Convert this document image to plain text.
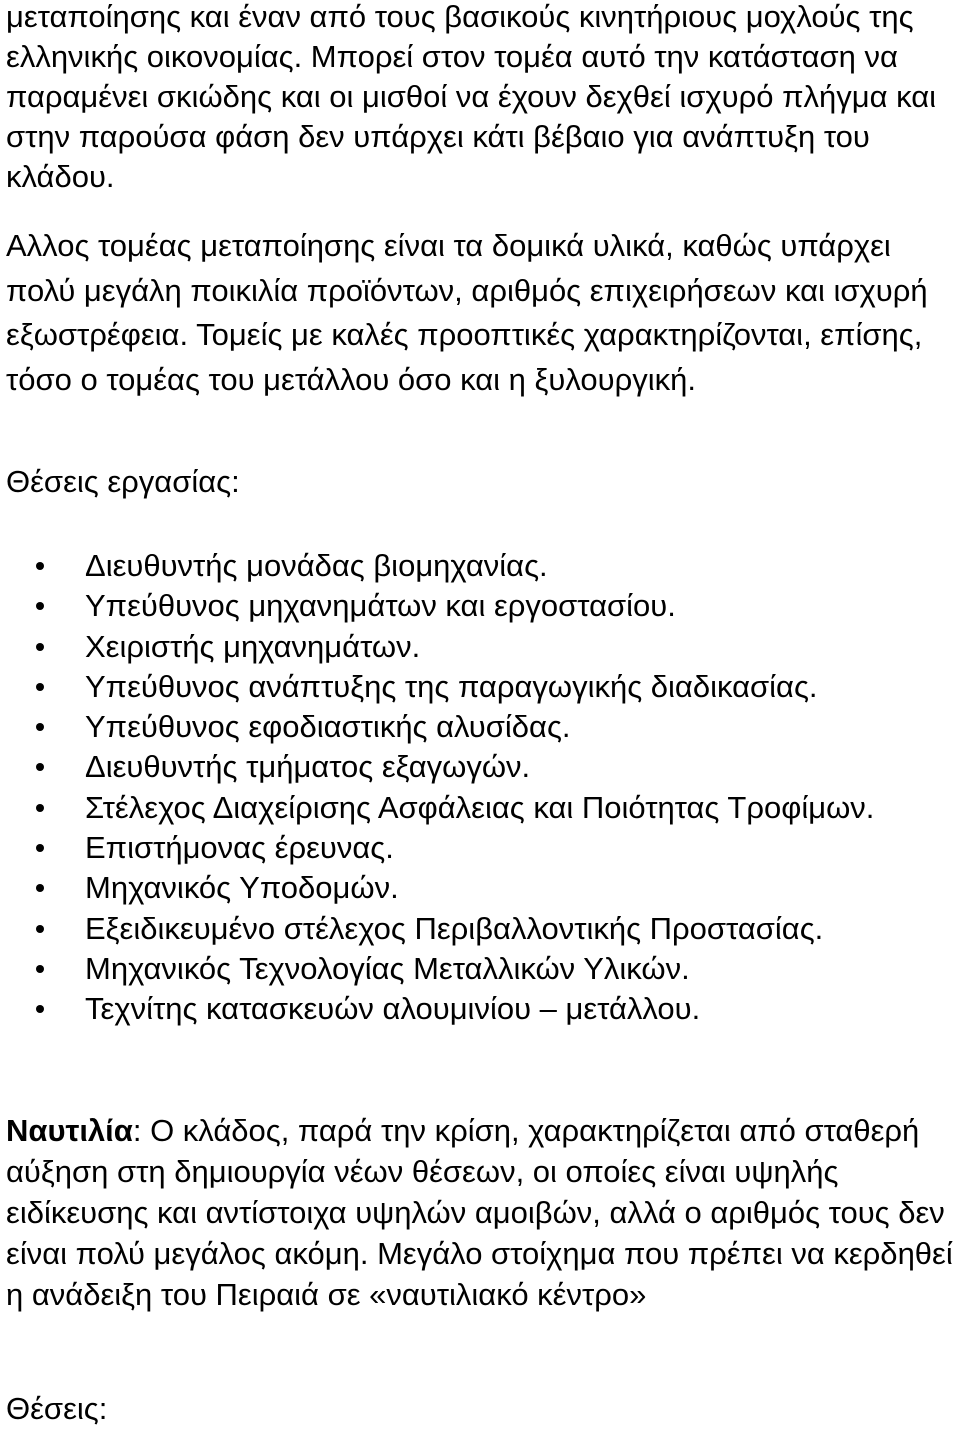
μεταποίησης και έναν από τους βασικούς κινητήριους μοχλούς της ελληνικής οικονομίας. Μπορεί στον τομέα αυτό την κατάσταση να παραμένει σκιώδης και οι μισθοί να έχουν δεχθεί ισχυρό πλήγμα και στην παρούσα φάση δεν υπάρχει κάτι βέβαιο για ανάπτυξη του κλάδου.

Αλλος τομέας μεταποίησης είναι τα δομικά υλικά, καθώς υπάρχει πολύ μεγάλη ποικιλία προϊόντων, αριθμός επιχειρήσεων και ισχυρή εξωστρέφεια. Τομείς με καλές προοπτικές χαρακτηρίζονται, επίσης, τόσο ο τομέας του μετάλλου όσο και η ξυλουργική.

Θέσεις εργασίας:

Διευθυντής μονάδας βιομηχανίας.
Υπεύθυνος μηχανημάτων και εργοστασίου.
Χειριστής μηχανημάτων.
Υπεύθυνος ανάπτυξης της παραγωγικής διαδικασίας.
Υπεύθυνος εφοδιαστικής αλυσίδας.
Διευθυντής τμήματος εξαγωγών.
Στέλεχος Διαχείρισης Ασφάλειας και Ποιότητας Τροφίμων.
Επιστήμονας έρευνας.
Μηχανικός Υποδομών.
Εξειδικευμένο στέλεχος Περιβαλλοντικής Προστασίας.
Μηχανικός Τεχνολογίας Μεταλλικών Υλικών.
Τεχνίτης κατασκευών αλουμινίου – μετάλλου.

Ναυτιλία: Ο κλάδος, παρά την κρίση, χαρακτηρίζεται από σταθερή αύξηση στη δημιουργία νέων θέσεων, οι οποίες είναι υψηλής ειδίκευσης και αντίστοιχα υψηλών αμοιβών, αλλά ο αριθμός τους δεν είναι πολύ μεγάλος ακόμη. Μεγάλο στοίχημα που πρέπει να κερδηθεί η ανάδειξη του Πειραιά σε «ναυτιλιακό κέντρο»

Θέσεις:
